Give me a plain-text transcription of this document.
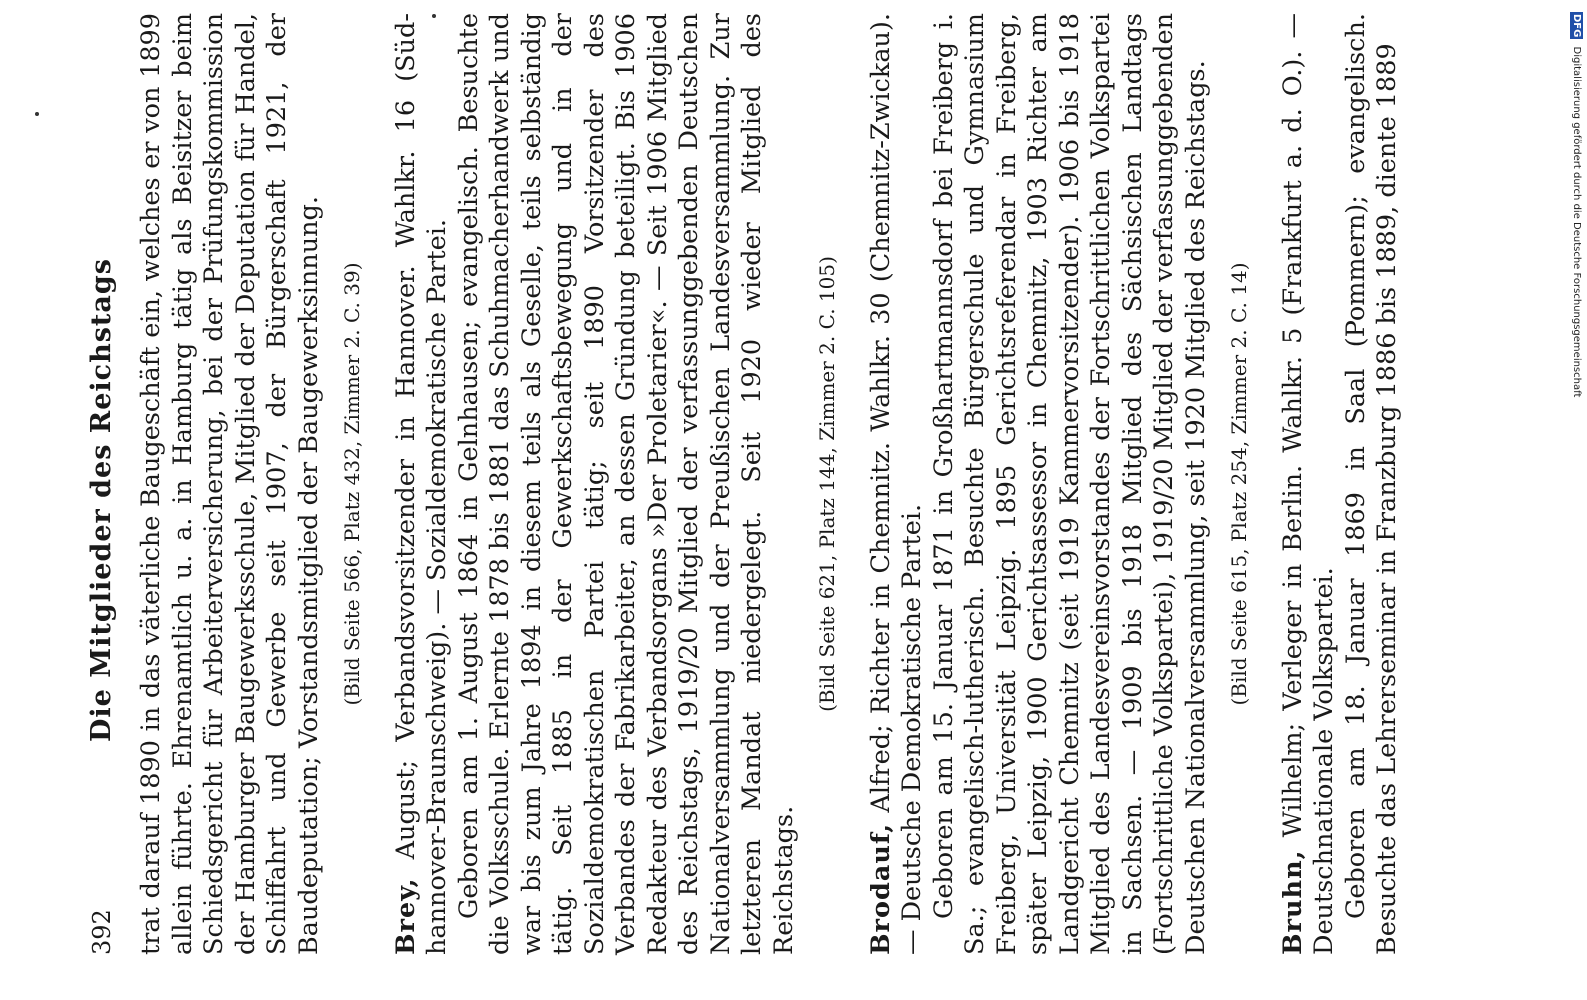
DFG Digitalisierung gefördert durch die Deutsche Forschungsgemeinschaft
392
Die Mitglieder des Reichstags trat darauf 1890 in das väterliche Baugeschäft ein, welches er von 1899 allein führte. Ehrenamtlich u. a. in Hamburg tätig als Beisitzer beim Schiedsgericht für Arbeiterversicherung, bei der Prüfungskommission der Hamburger Baugewerksschule, Mitglied der Deputation für Handel, Schiffahrt und Gewerbe seit 1907, der Bürgerschaft 1921, der Baudeputation; Vorstandsmitglied der Baugewerksinnung. (Bild Seite 566, Platz 432, Zimmer 2. C. 39)

Brey, August; Verbandsvorsitzender in Hannover. Wahlkr. 16 (Süd-hannover-Braunschweig). — Sozialdemokratische Partei. Geboren am 1. August 1864 in Gelnhausen; evangelisch. Besuchte die Volksschule. Erlernte 1878 bis 1881 das Schuhmacherhandwerk und war bis zum Jahre 1894 in diesem teils als Geselle, teils selbständig tätig. Seit 1885 in der Gewerkschaftsbewegung und in der Sozialdemokratischen Partei tätig; seit 1890 Vorsitzender des Verbandes der Fabrikarbeiter, an dessen Gründung beteiligt. Bis 1906 Redakteur des Verbandsorgans »Der Proletarier«. — Seit 1906 Mitglied des Reichstags, 1919/20 Mitglied der verfassunggebenden Deutschen Nationalversammlung und der Preußischen Landesversammlung. Zur letzteren Mandat niedergelegt. Seit 1920 wieder Mitglied des Reichstags.

(Bild Seite 621, Platz 144, Zimmer 2. C. 105)

Brodauf, Alfred; Richter in Chemnitz. Wahlkr. 30 (Chemnitz-Zwickau). — Deutsche Demokratische Partei. Geboren am 15. Januar 1871 in Großhartmannsdorf bei Freiberg i. Sa.; evangelisch-lutherisch. Besuchte Bürgerschule und Gymnasium Freiberg, Universität Leipzig. 1895 Gerichtsreferendar in Freiberg, später Leipzig, 1900 Gerichtsassessor in Chemnitz, 1903 Richter am Landgericht Chemnitz (seit 1919 Kammervorsitzender). 1906 bis 1918 Mitglied des Landesvereinsvorstandes der Fortschrittlichen Volkspartei in Sachsen. — 1909 bis 1918 Mitglied des Sächsischen Landtags (Fortschrittliche Volkspartei), 1919/20 Mitglied der verfassunggebenden Deutschen Nationalversammlung, seit 1920 Mitglied des Reichstags. (Bild Seite 615, Platz 254, Zimmer 2. C. 14)

Bruhn, Wilhelm; Verleger in Berlin. Wahlkr. 5 (Frankfurt a. d. O.). — Deutschnationale Volkspartei. Geboren am 18. Januar 1869 in Saal (Pommern); evangelisch. Besuchte das Lehrerseminar in Franzburg 1886 bis 1889, diente 1889
